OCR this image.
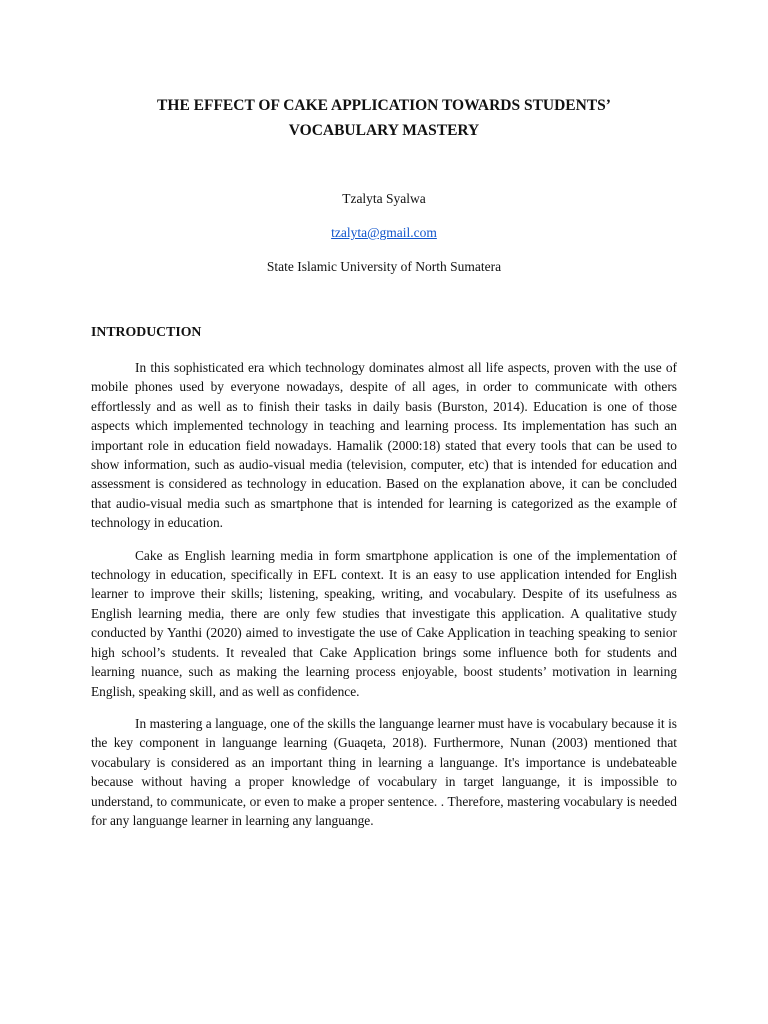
THE EFFECT OF CAKE APPLICATION TOWARDS STUDENTS’
VOCABULARY MASTERY
Tzalyta Syalwa
tzalyta@gmail.com
State Islamic University of North Sumatera
INTRODUCTION

In this sophisticated era which technology dominates almost all life aspects, proven with the use of mobile phones used by everyone nowadays, despite of all ages, in order to communicate with others effortlessly and as well as to finish their tasks in daily basis (Burston, 2014). Education is one of those aspects which implemented technology in teaching and learning process. Its implementation has such an important role in education field nowadays. Hamalik (2000:18) stated that every tools that can be used to show information, such as audio-visual media (television, computer, etc) that is intended for education and assessment is considered as technology in education. Based on the explanation above, it can be concluded that audio-visual media such as smartphone that is intended for learning is categorized as the example of technology in education.

Cake as English learning media in form smartphone application is one of the implementation of technology in education, specifically in EFL context. It is an easy to use application intended for English learner to improve their skills; listening, speaking, writing, and vocabulary. Despite of its usefulness as English learning media, there are only few studies that investigate this application. A qualitative study conducted by Yanthi (2020) aimed to investigate the use of Cake Application in teaching speaking to senior high school’s students. It revealed that Cake Application brings some influence both for students and learning nuance, such as making the learning process enjoyable, boost students’ motivation in learning English, speaking skill, and as well as confidence.

In mastering a language, one of the skills the languange learner must have is vocabulary because it is the key component in languange learning (Guaqeta, 2018). Furthermore, Nunan (2003) mentioned that vocabulary is considered as an important thing in learning a languange. It's importance is undebateable because without having a proper knowledge of vocabulary in target languange, it is impossible to understand, to communicate, or even to make a proper sentence. . Therefore, mastering vocabulary is needed for any languange learner in learning any languange.
